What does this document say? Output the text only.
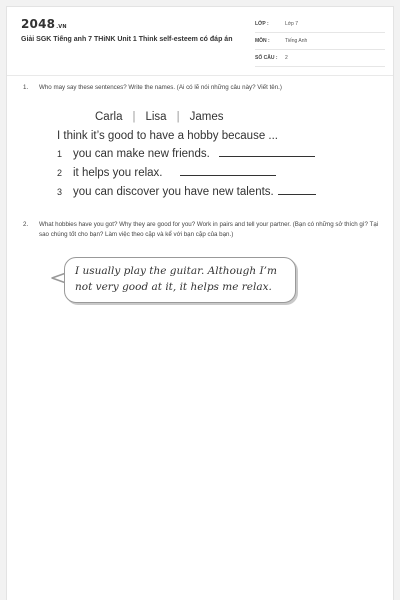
2048.VN
Giải SGK Tiếng anh 7 THiNK Unit 1 Think self-esteem có đáp án
LỚP :	Lớp 7
MÔN :	Tiếng Anh
SỐ CÂU : 2
1. Who may say these sentences? Write the names. (Ai có lẽ nói những câu này? Viết tên.)
Carla | Lisa | James
I think it’s good to have a hobby because ...
1 you can make new friends.
2 it helps you relax.
3 you can discover you have new talents.
2. What hobbies have you got? Why they are good for you? Work in pairs and tell your partner. (Bạn có những sở thích gì? Tại sao chúng tốt cho bạn? Làm việc theo cặp và kể với bạn cặp của bạn.)
I usually play the guitar. Although I’m not very good at it, it helps me relax.
